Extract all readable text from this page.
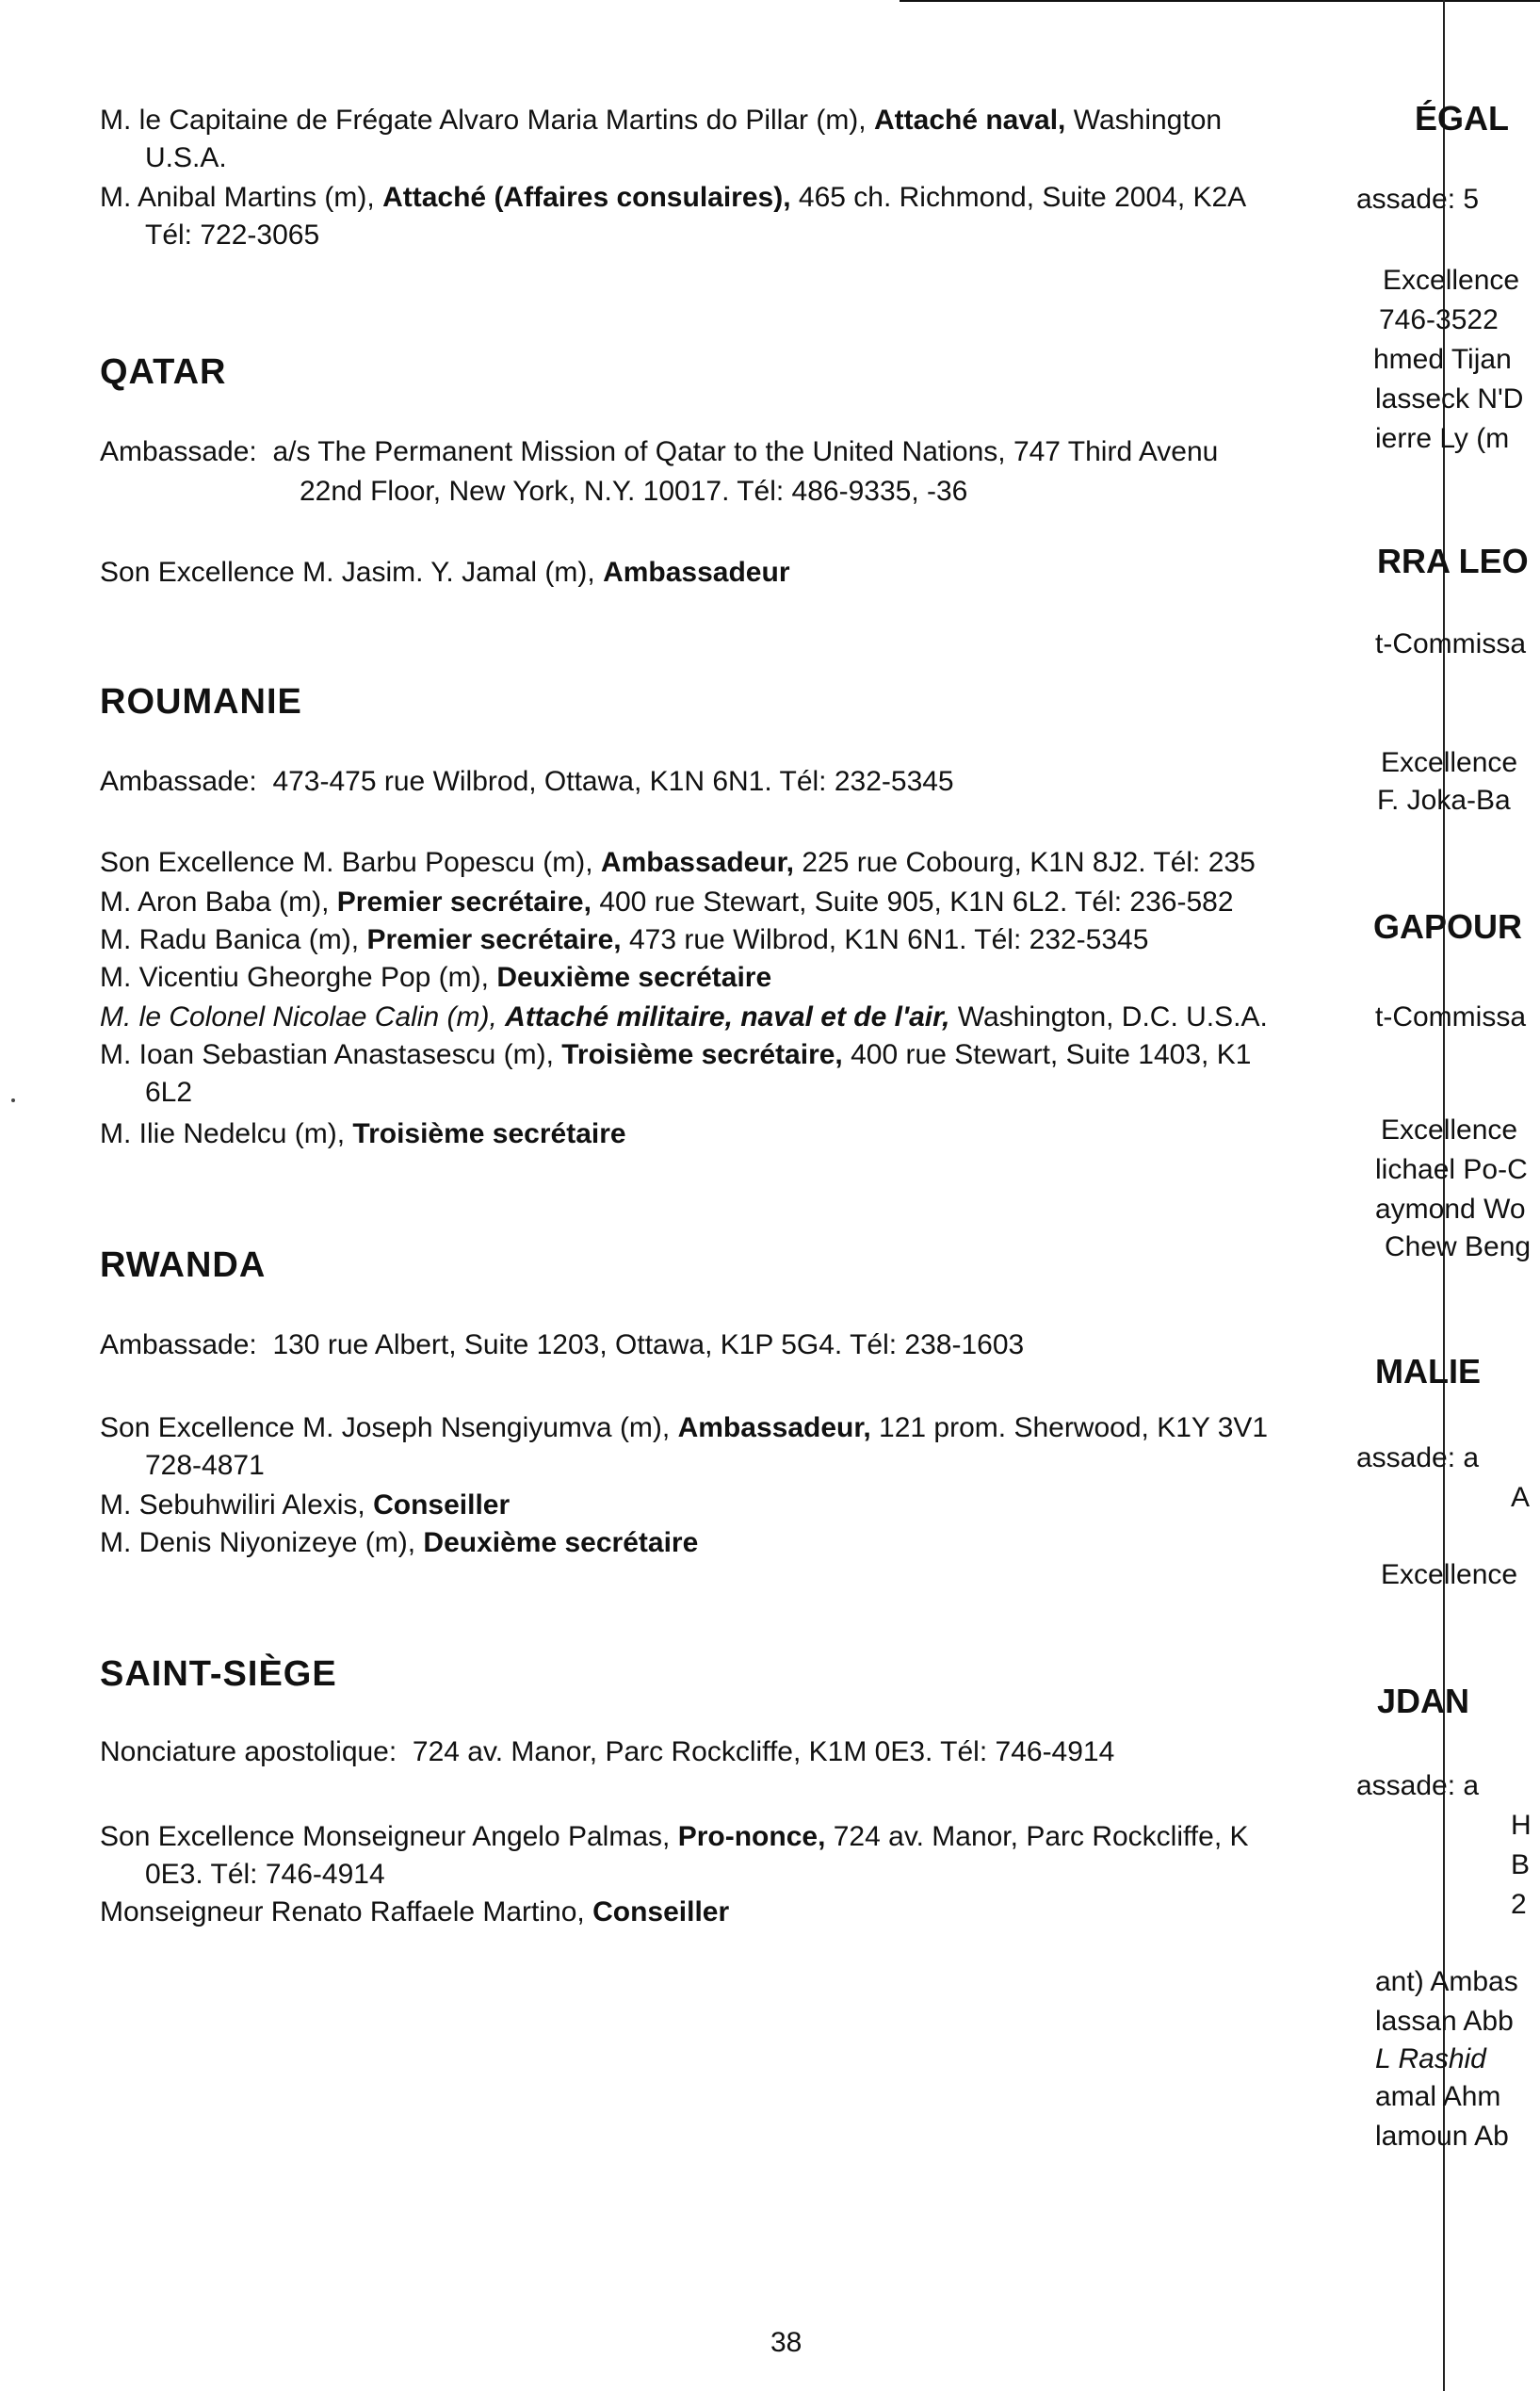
M. le Capitaine de Frégate Alvaro Maria Martins do Pillar (m), Attaché naval, Washington
U.S.A.
M. Anibal Martins (m), Attaché (Affaires consulaires), 465 ch. Richmond, Suite 2004, K2A
Tél: 722-3065
QATAR
Ambassade: a/s The Permanent Mission of Qatar to the United Nations, 747 Third Avenu
22nd Floor, New York, N.Y. 10017. Tél: 486-9335, -36
Son Excellence M. Jasim. Y. Jamal (m), Ambassadeur
ROUMANIE
Ambassade: 473-475 rue Wilbrod, Ottawa, K1N 6N1. Tél: 232-5345
Son Excellence M. Barbu Popescu (m), Ambassadeur, 225 rue Cobourg, K1N 8J2. Tél: 235
M. Aron Baba (m), Premier secrétaire, 400 rue Stewart, Suite 905, K1N 6L2. Tél: 236-582
M. Radu Banica (m), Premier secrétaire, 473 rue Wilbrod, K1N 6N1. Tél: 232-5345
M. Vicentiu Gheorghe Pop (m), Deuxième secrétaire
M. le Colonel Nicolae Calin (m), Attaché militaire, naval et de l'air, Washington, D.C. U.S.A.
M. Ioan Sebastian Anastasescu (m), Troisième secrétaire, 400 rue Stewart, Suite 1403, K1
6L2
M. Ilie Nedelcu (m), Troisième secrétaire
RWANDA
Ambassade: 130 rue Albert, Suite 1203, Ottawa, K1P 5G4. Tél: 238-1603
Son Excellence M. Joseph Nsengiyumva (m), Ambassadeur, 121 prom. Sherwood, K1Y 3V1
728-4871
M. Sebuhwiliri Alexis, Conseiller
M. Denis Niyonizeye (m), Deuxième secrétaire
SAINT-SIÈGE
Nonciature apostolique: 724 av. Manor, Parc Rockcliffe, K1M 0E3. Tél: 746-4914
Son Excellence Monseigneur Angelo Palmas, Pro-nonce, 724 av. Manor, Parc Rockcliffe, K
0E3. Tél: 746-4914
Monseigneur Renato Raffaele Martino, Conseiller
ÉGAL
assade: 5
Excellence
746-3522
hmed Tijan
lasseck N'D
ierre Ly (m
RRA LEO
t-Commissa
Excellence
F. Joka-Ba
GAPOUR
t-Commissa
Excellence
lichael Po-C
aymond Wo
Chew Beng
MALIE
assade: a
A
Excellence
JDAN
assade: a
H
B
2
ant) Ambas
lassan Abb
L Rashid
amal Ahm
lamoun Ab
38
